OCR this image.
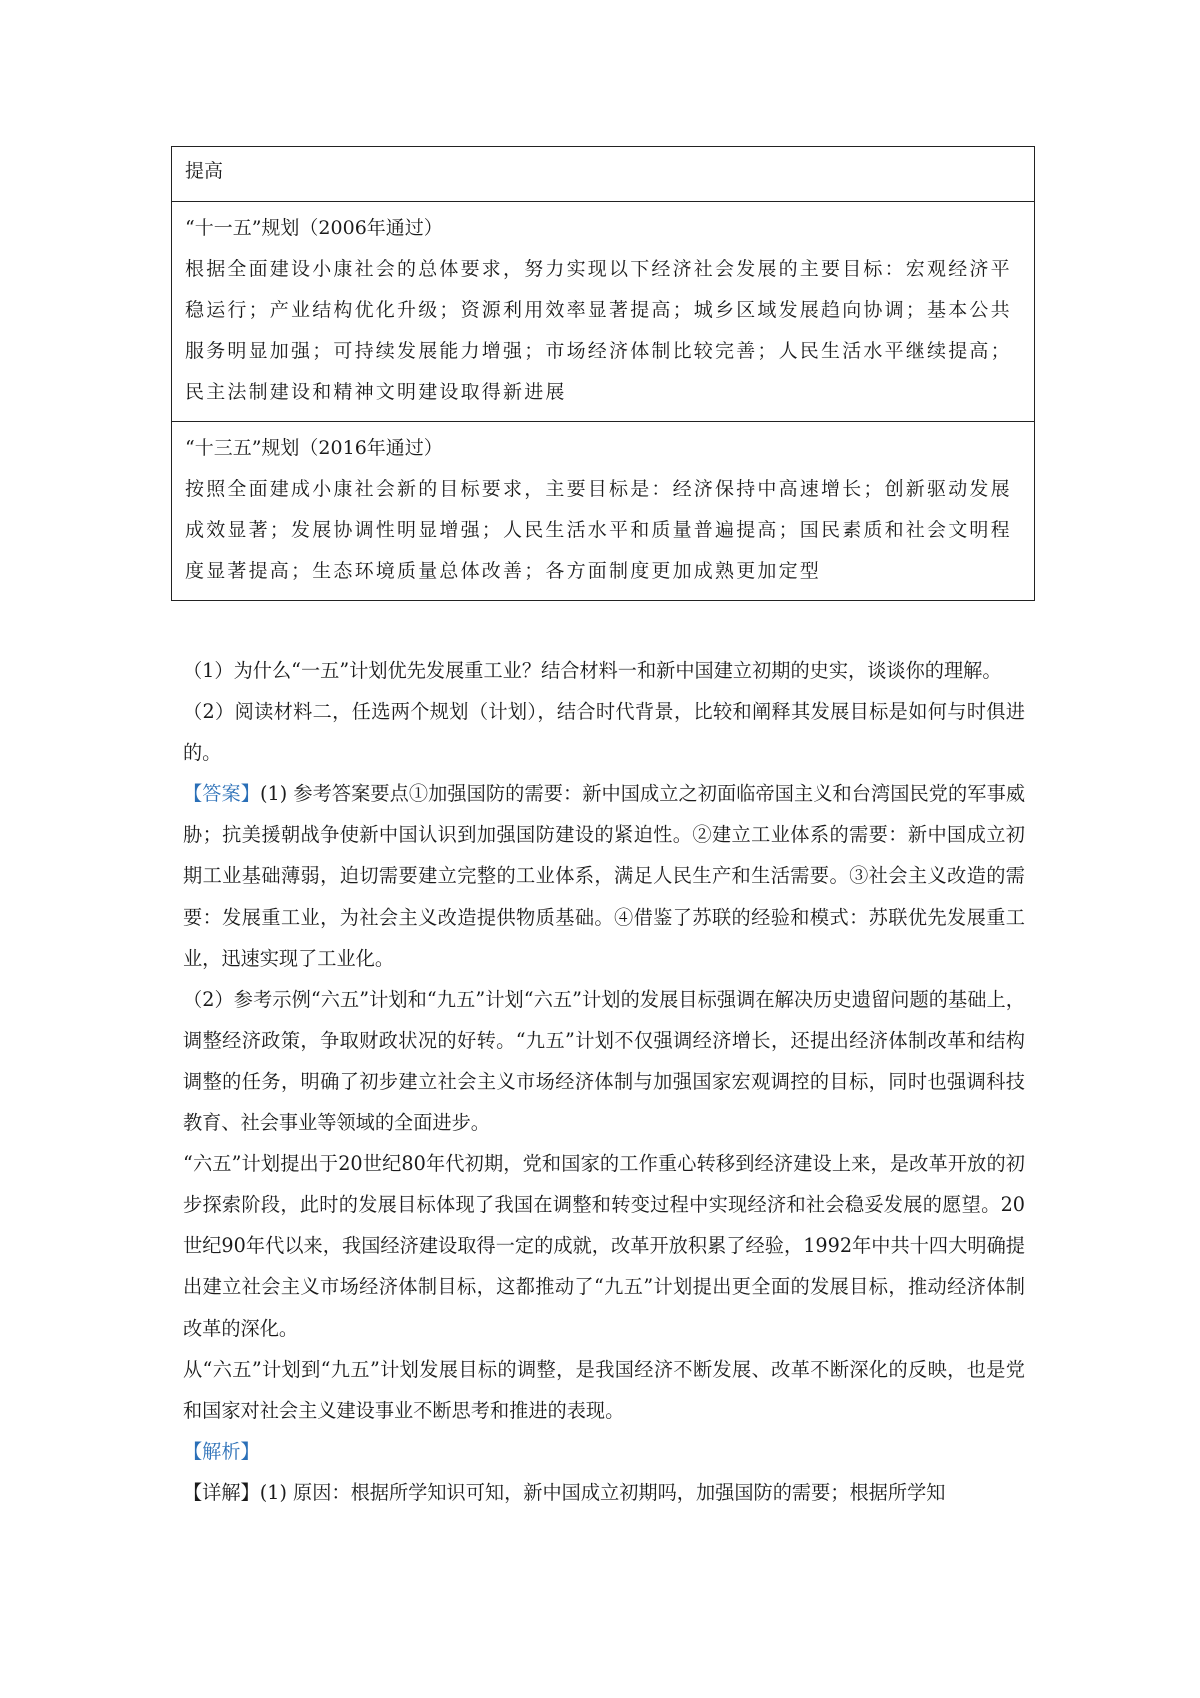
提高

“十一五”规划（2006年通过）
根据全面建设小康社会的总体要求，努力实现以下经济社会发展的主要目标：宏观经济平稳运行；产业结构优化升级；资源利用效率显著提高；城乡区域发展趋向协调；基本公共服务明显加强；可持续发展能力增强；市场经济体制比较完善；人民生活水平继续提高；民主法制建设和精神文明建设取得新进展

“十三五”规划（2016年通过）
按照全面建成小康社会新的目标要求，主要目标是：经济保持中高速增长；创新驱动发展成效显著；发展协调性明显增强；人民生活水平和质量普遍提高；国民素质和社会文明程度显著提高；生态环境质量总体改善；各方面制度更加成熟更加定型

（1）为什么“一五”计划优先发展重工业？结合材料一和新中国建立初期的史实，谈谈你的理解。

（2）阅读材料二，任选两个规划（计划），结合时代背景，比较和阐释其发展目标是如何与时俱进的。

【答案】(1) 参考答案要点①加强国防的需要：新中国成立之初面临帝国主义和台湾国民党的军事威胁；抗美援朝战争使新中国认识到加强国防建设的紧迫性。②建立工业体系的需要：新中国成立初期工业基础薄弱，迫切需要建立完整的工业体系，满足人民生产和生活需要。③社会主义改造的需要：发展重工业，为社会主义改造提供物质基础。④借鉴了苏联的经验和模式：苏联优先发展重工业，迅速实现了工业化。

（2）参考示例“六五”计划和“九五”计划“六五”计划的发展目标强调在解决历史遗留问题的基础上，调整经济政策，争取财政状况的好转。“九五”计划不仅强调经济增长，还提出经济体制改革和结构调整的任务，明确了初步建立社会主义市场经济体制与加强国家宏观调控的目标，同时也强调科技教育、社会事业等领域的全面进步。

“六五”计划提出于20世纪80年代初期，党和国家的工作重心转移到经济建设上来，是改革开放的初步探索阶段，此时的发展目标体现了我国在调整和转变过程中实现经济和社会稳妥发展的愿望。20世纪90年代以来，我国经济建设取得一定的成就，改革开放积累了经验，1992年中共十四大明确提出建立社会主义市场经济体制目标，这都推动了“九五”计划提出更全面的发展目标，推动经济体制改革的深化。

从“六五”计划到“九五”计划发展目标的调整，是我国经济不断发展、改革不断深化的反映，也是党和国家对社会主义建设事业不断思考和推进的表现。

【解析】

【详解】(1) 原因：根据所学知识可知，新中国成立初期吗，加强国防的需要；根据所学知
